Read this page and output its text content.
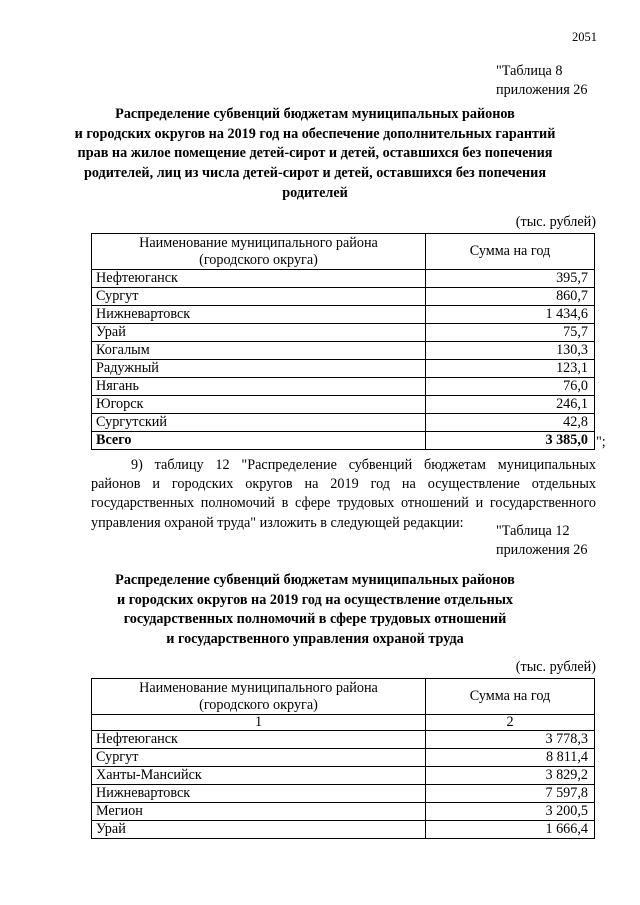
2051
"Таблица 8
приложения 26
Распределение субвенций бюджетам муниципальных районов
и городских округов на 2019 год на обеспечение дополнительных гарантий
прав на жилое помещение детей-сирот и детей, оставшихся без попечения
родителей, лиц из числа детей-сирот и детей, оставшихся без попечения
родителей
(тыс. рублей)
Наименование муниципального района
(городского округа)	Сумма на год
Нефтеюганск	395,7
Сургут	860,7
Нижневартовск	1 434,6
Урай	75,7
Когалым	130,3
Радужный	123,1
Нягань	76,0
Югорск	246,1
Сургутский	42,8
Всего	3 385,0 ";
9) таблицу 12 "Распределение субвенций бюджетам муниципальных районов и городских округов на 2019 год на осуществление отдельных государственных полномочий в сфере трудовых отношений и государственного управления охраной труда" изложить в следующей редакции:
"Таблица 12
приложения 26
Распределение субвенций бюджетам муниципальных районов
и городских округов на 2019 год на осуществление отдельных
государственных полномочий в сфере трудовых отношений
и государственного управления охраной труда
(тыс. рублей)
Наименование муниципального района
(городского округа)	Сумма на год
1	2
Нефтеюганск	3 778,3
Сургут	8 811,4
Ханты-Мансийск	3 829,2
Нижневартовск	7 597,8
Мегион	3 200,5
Урай	1 666,4
